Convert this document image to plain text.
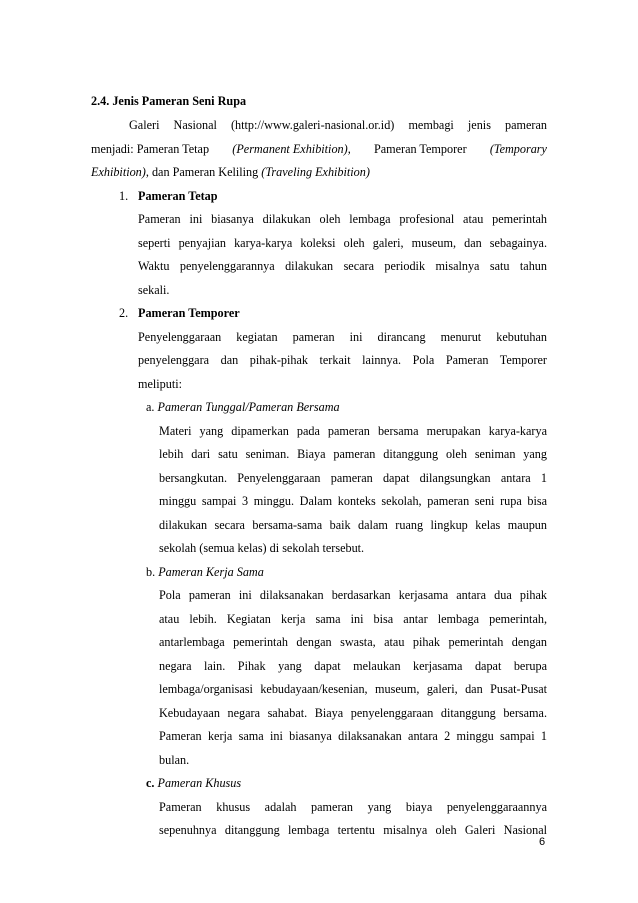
2.4. Jenis Pameran Seni Rupa
Galeri Nasional (http://www.galeri-nasional.or.id) membagi jenis pameran
menjadi: Pameran Tetap (Permanent Exhibition), Pameran Temporer (Temporary
Exhibition), dan Pameran Keliling (Traveling Exhibition)
1. Pameran Tetap
Pameran ini biasanya dilakukan oleh lembaga profesional atau pemerintah
seperti penyajian karya-karya koleksi oleh galeri, museum, dan sebagainya.
Waktu penyelenggarannya dilakukan secara periodik misalnya satu tahun
sekali.
2. Pameran Temporer
Penyelenggaraan kegiatan pameran ini dirancang menurut kebutuhan
penyelenggara dan pihak-pihak terkait lainnya. Pola Pameran Temporer
meliputi:
a. Pameran Tunggal/Pameran Bersama
Materi yang dipamerkan pada pameran bersama merupakan karya-karya
lebih dari satu seniman. Biaya pameran ditanggung oleh seniman yang
bersangkutan. Penyelenggaraan pameran dapat dilangsungkan antara 1
minggu sampai 3 minggu. Dalam konteks sekolah, pameran seni rupa bisa
dilakukan secara bersama-sama baik dalam ruang lingkup kelas maupun
sekolah (semua kelas) di sekolah tersebut.
b. Pameran Kerja Sama
Pola pameran ini dilaksanakan berdasarkan kerjasama antara dua pihak
atau lebih. Kegiatan kerja sama ini bisa antar lembaga pemerintah,
antarlembaga pemerintah dengan swasta, atau pihak pemerintah dengan
negara lain. Pihak yang dapat melaukan kerjasama dapat berupa
lembaga/organisasi kebudayaan/kesenian, museum, galeri, dan Pusat-Pusat
Kebudayaan negara sahabat. Biaya penyelenggaraan ditanggung bersama.
Pameran kerja sama ini biasanya dilaksanakan antara 2 minggu sampai 1
bulan.
c. Pameran Khusus
Pameran khusus adalah pameran yang biaya penyelenggaraannya
sepenuhnya ditanggung lembaga tertentu misalnya oleh Galeri Nasional
6
